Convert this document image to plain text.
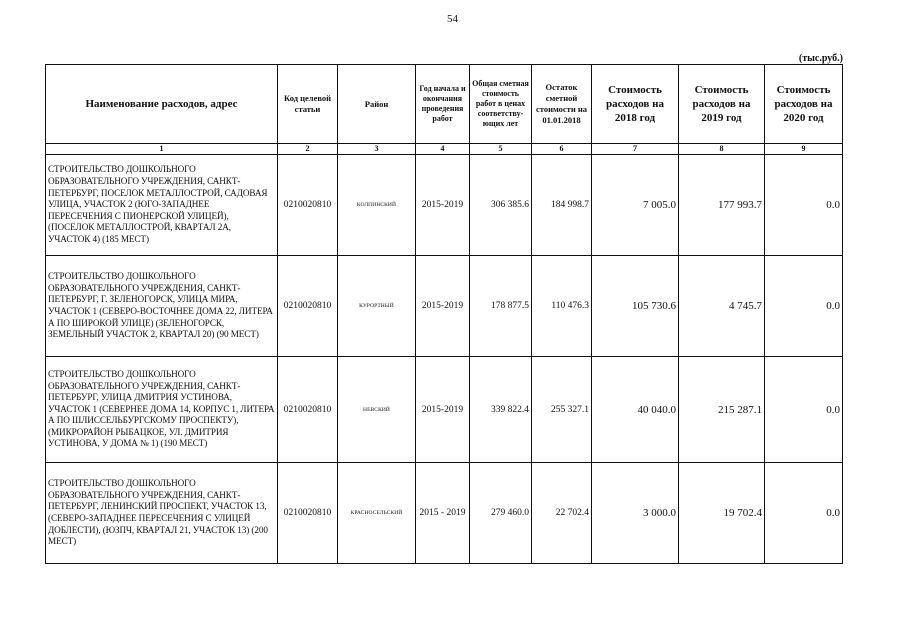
54
(тыс.руб.)
Наименование расходов, адрес	Код целевой статьи	Район	Год начала и окончания проведения работ	Общая сметная стоимость работ в ценах соответству-ющих лет	Остаток сметной стоимости на 01.01.2018	Стоимость расходов на 2018 год	Стоимость расходов на 2019 год	Стоимость расходов на 2020 год
1	2	3	4	5	6	7	8	9
СТРОИТЕЛЬСТВО ДОШКОЛЬНОГО ОБРАЗОВАТЕЛЬНОГО УЧРЕЖДЕНИЯ, САНКТ-ПЕТЕРБУРГ, ПОСЕЛОК МЕТАЛЛОСТРОЙ, САДОВАЯ УЛИЦА, УЧАСТОК 2 (ЮГО-ЗАПАДНЕЕ ПЕРЕСЕЧЕНИЯ С ПИОНЕРСКОЙ УЛИЦЕЙ), (ПОСЕЛОК МЕТАЛЛОСТРОЙ, КВАРТАЛ 2А, УЧАСТОК 4) (185 МЕСТ)	0210020810	КОЛПИНСКИЙ	2015-2019	306 385.6	184 998.7	7 005.0	177 993.7	0.0
СТРОИТЕЛЬСТВО ДОШКОЛЬНОГО ОБРАЗОВАТЕЛЬНОГО УЧРЕЖДЕНИЯ, САНКТ-ПЕТЕРБУРГ, Г. ЗЕЛЕНОГОРСК, УЛИЦА МИРА, УЧАСТОК 1 (СЕВЕРО-ВОСТОЧНЕЕ ДОМА 22, ЛИТЕРА А ПО ШИРОКОЙ УЛИЦЕ) (ЗЕЛЕНОГОРСК, ЗЕМЕЛЬНЫЙ УЧАСТОК 2, КВАРТАЛ 20) (90 МЕСТ)	0210020810	КУРОРТНЫЙ	2015-2019	178 877.5	110 476.3	105 730.6	4 745.7	0.0
СТРОИТЕЛЬСТВО ДОШКОЛЬНОГО ОБРАЗОВАТЕЛЬНОГО УЧРЕЖДЕНИЯ, САНКТ-ПЕТЕРБУРГ, УЛИЦА ДМИТРИЯ УСТИНОВА, УЧАСТОК 1 (СЕВЕРНЕЕ ДОМА 14, КОРПУС 1, ЛИТЕРА А ПО ШЛИССЕЛЬБУРГСКОМУ ПРОСПЕКТУ), (МИКРОРАЙОН РЫБАЦКОЕ, УЛ. ДМИТРИЯ УСТИНОВА, У ДОМА № 1) (190 МЕСТ)	0210020810	НЕВСКИЙ	2015-2019	339 822.4	255 327.1	40 040.0	215 287.1	0.0
СТРОИТЕЛЬСТВО ДОШКОЛЬНОГО ОБРАЗОВАТЕЛЬНОГО УЧРЕЖДЕНИЯ, САНКТ-ПЕТЕРБУРГ, ЛЕНИНСКИЙ ПРОСПЕКТ, УЧАСТОК 13, (СЕВЕРО-ЗАПАДНЕЕ ПЕРЕСЕЧЕНИЯ С УЛИЦЕЙ ДОБЛЕСТИ), (ЮЗПЧ, КВАРТАЛ 21, УЧАСТОК 13) (200 МЕСТ)	0210020810	КРАСНОСЕЛЬСКИЙ	2015 - 2019	279 460.0	22 702.4	3 000.0	19 702.4	0.0
